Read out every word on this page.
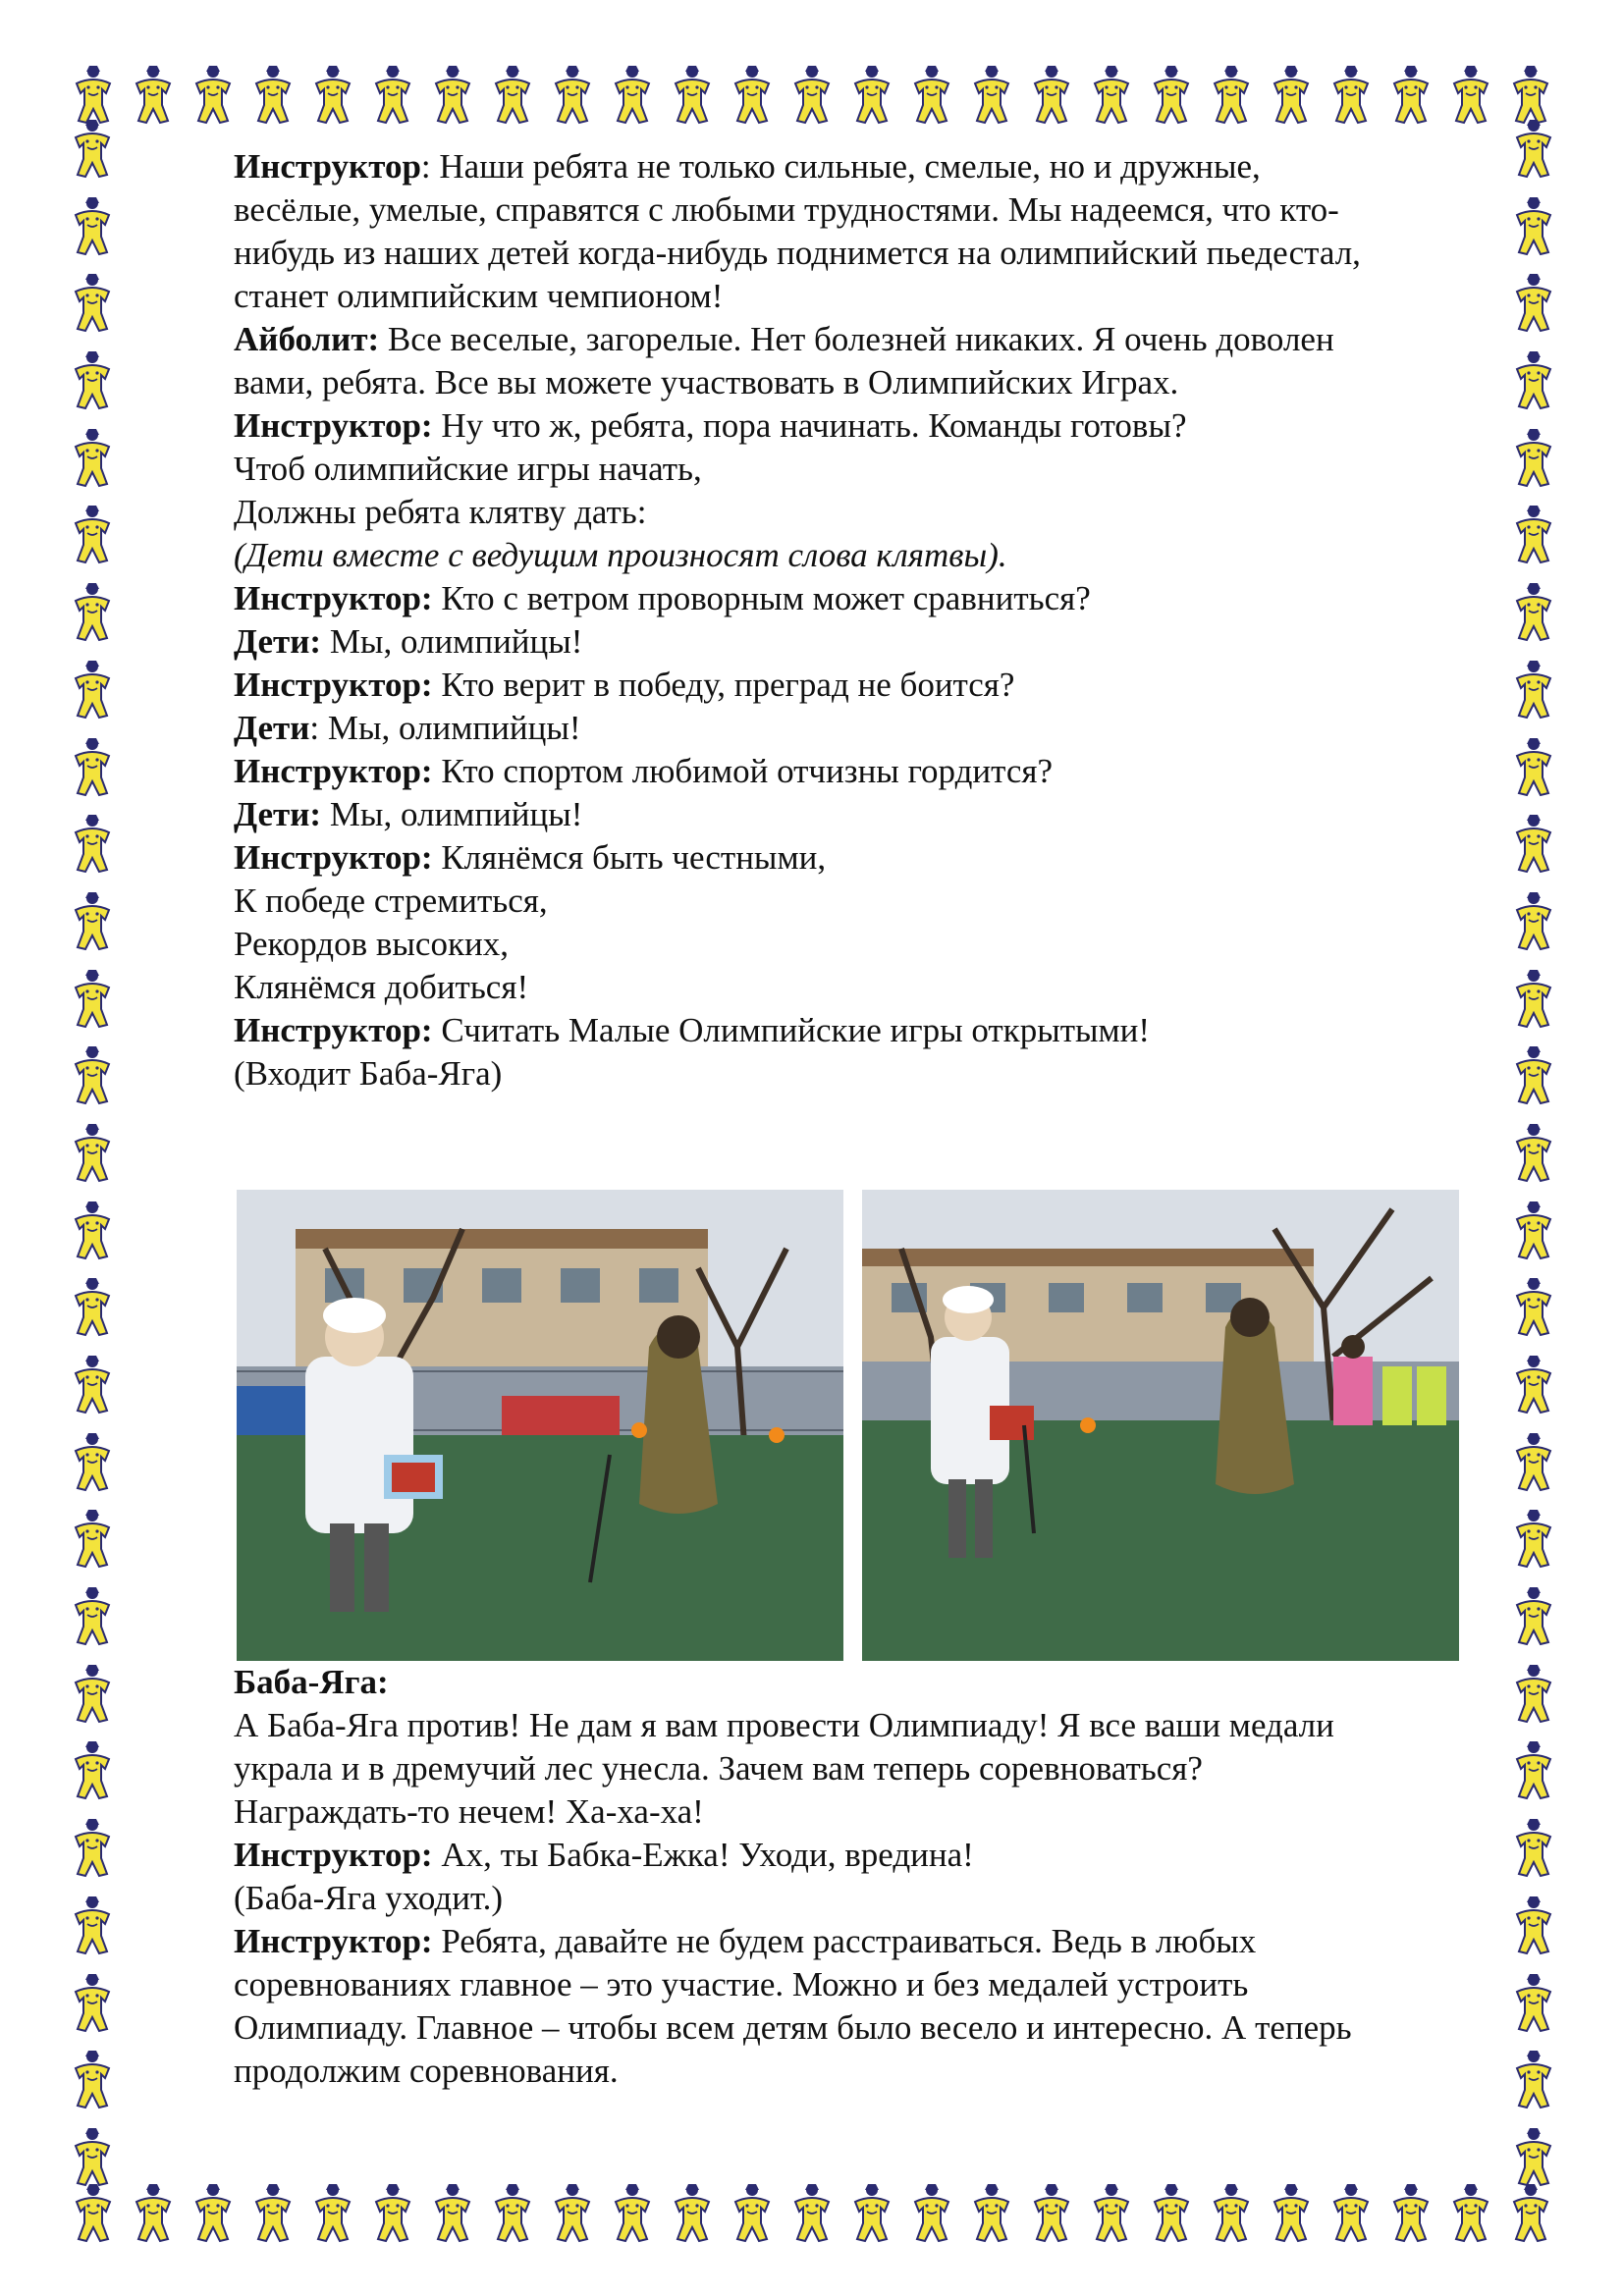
Инструктор: Наши ребята не только сильные, смелые, но и дружные,
весёлые, умелые, справятся с любыми трудностями. Мы надеемся, что кто-
нибудь из наших детей когда-нибудь поднимется на олимпийский пьедестал,
станет олимпийским чемпионом!
Айболит: Все веселые, загорелые. Нет болезней никаких. Я очень доволен
вами, ребята. Все вы можете участвовать в Олимпийских Играх.
Инструктор: Ну что ж, ребята, пора начинать. Команды готовы?
Чтоб олимпийские игры начать,
Должны ребята клятву дать:
(Дети вместе с ведущим произносят слова клятвы).
Инструктор: Кто с ветром проворным может сравниться?
Дети: Мы, олимпийцы!
Инструктор: Кто верит в победу, преград не боится?
Дети: Мы, олимпийцы!
Инструктор: Кто спортом любимой отчизны гордится?
Дети: Мы, олимпийцы!
Инструктор: Клянёмся быть честными,
К победе стремиться,
Рекордов высоких,
Клянёмся добиться!
Инструктор: Считать Малые Олимпийские игры открытыми!
(Входит Баба-Яга)
Баба-Яга:
А Баба-Яга против! Не дам я вам провести Олимпиаду! Я все ваши медали
украла и в дремучий лес унесла. Зачем вам теперь соревноваться?
Награждать-то нечем! Ха-ха-ха!
Инструктор: Ах, ты Бабка-Ежка! Уходи, вредина!
(Баба-Яга уходит.)
Инструктор: Ребята, давайте не будем расстраиваться. Ведь в любых
соревнованиях главное – это участие. Можно и без медалей устроить
Олимпиаду. Главное – чтобы всем детям было весело и интересно. А теперь
продолжим соревнования.
